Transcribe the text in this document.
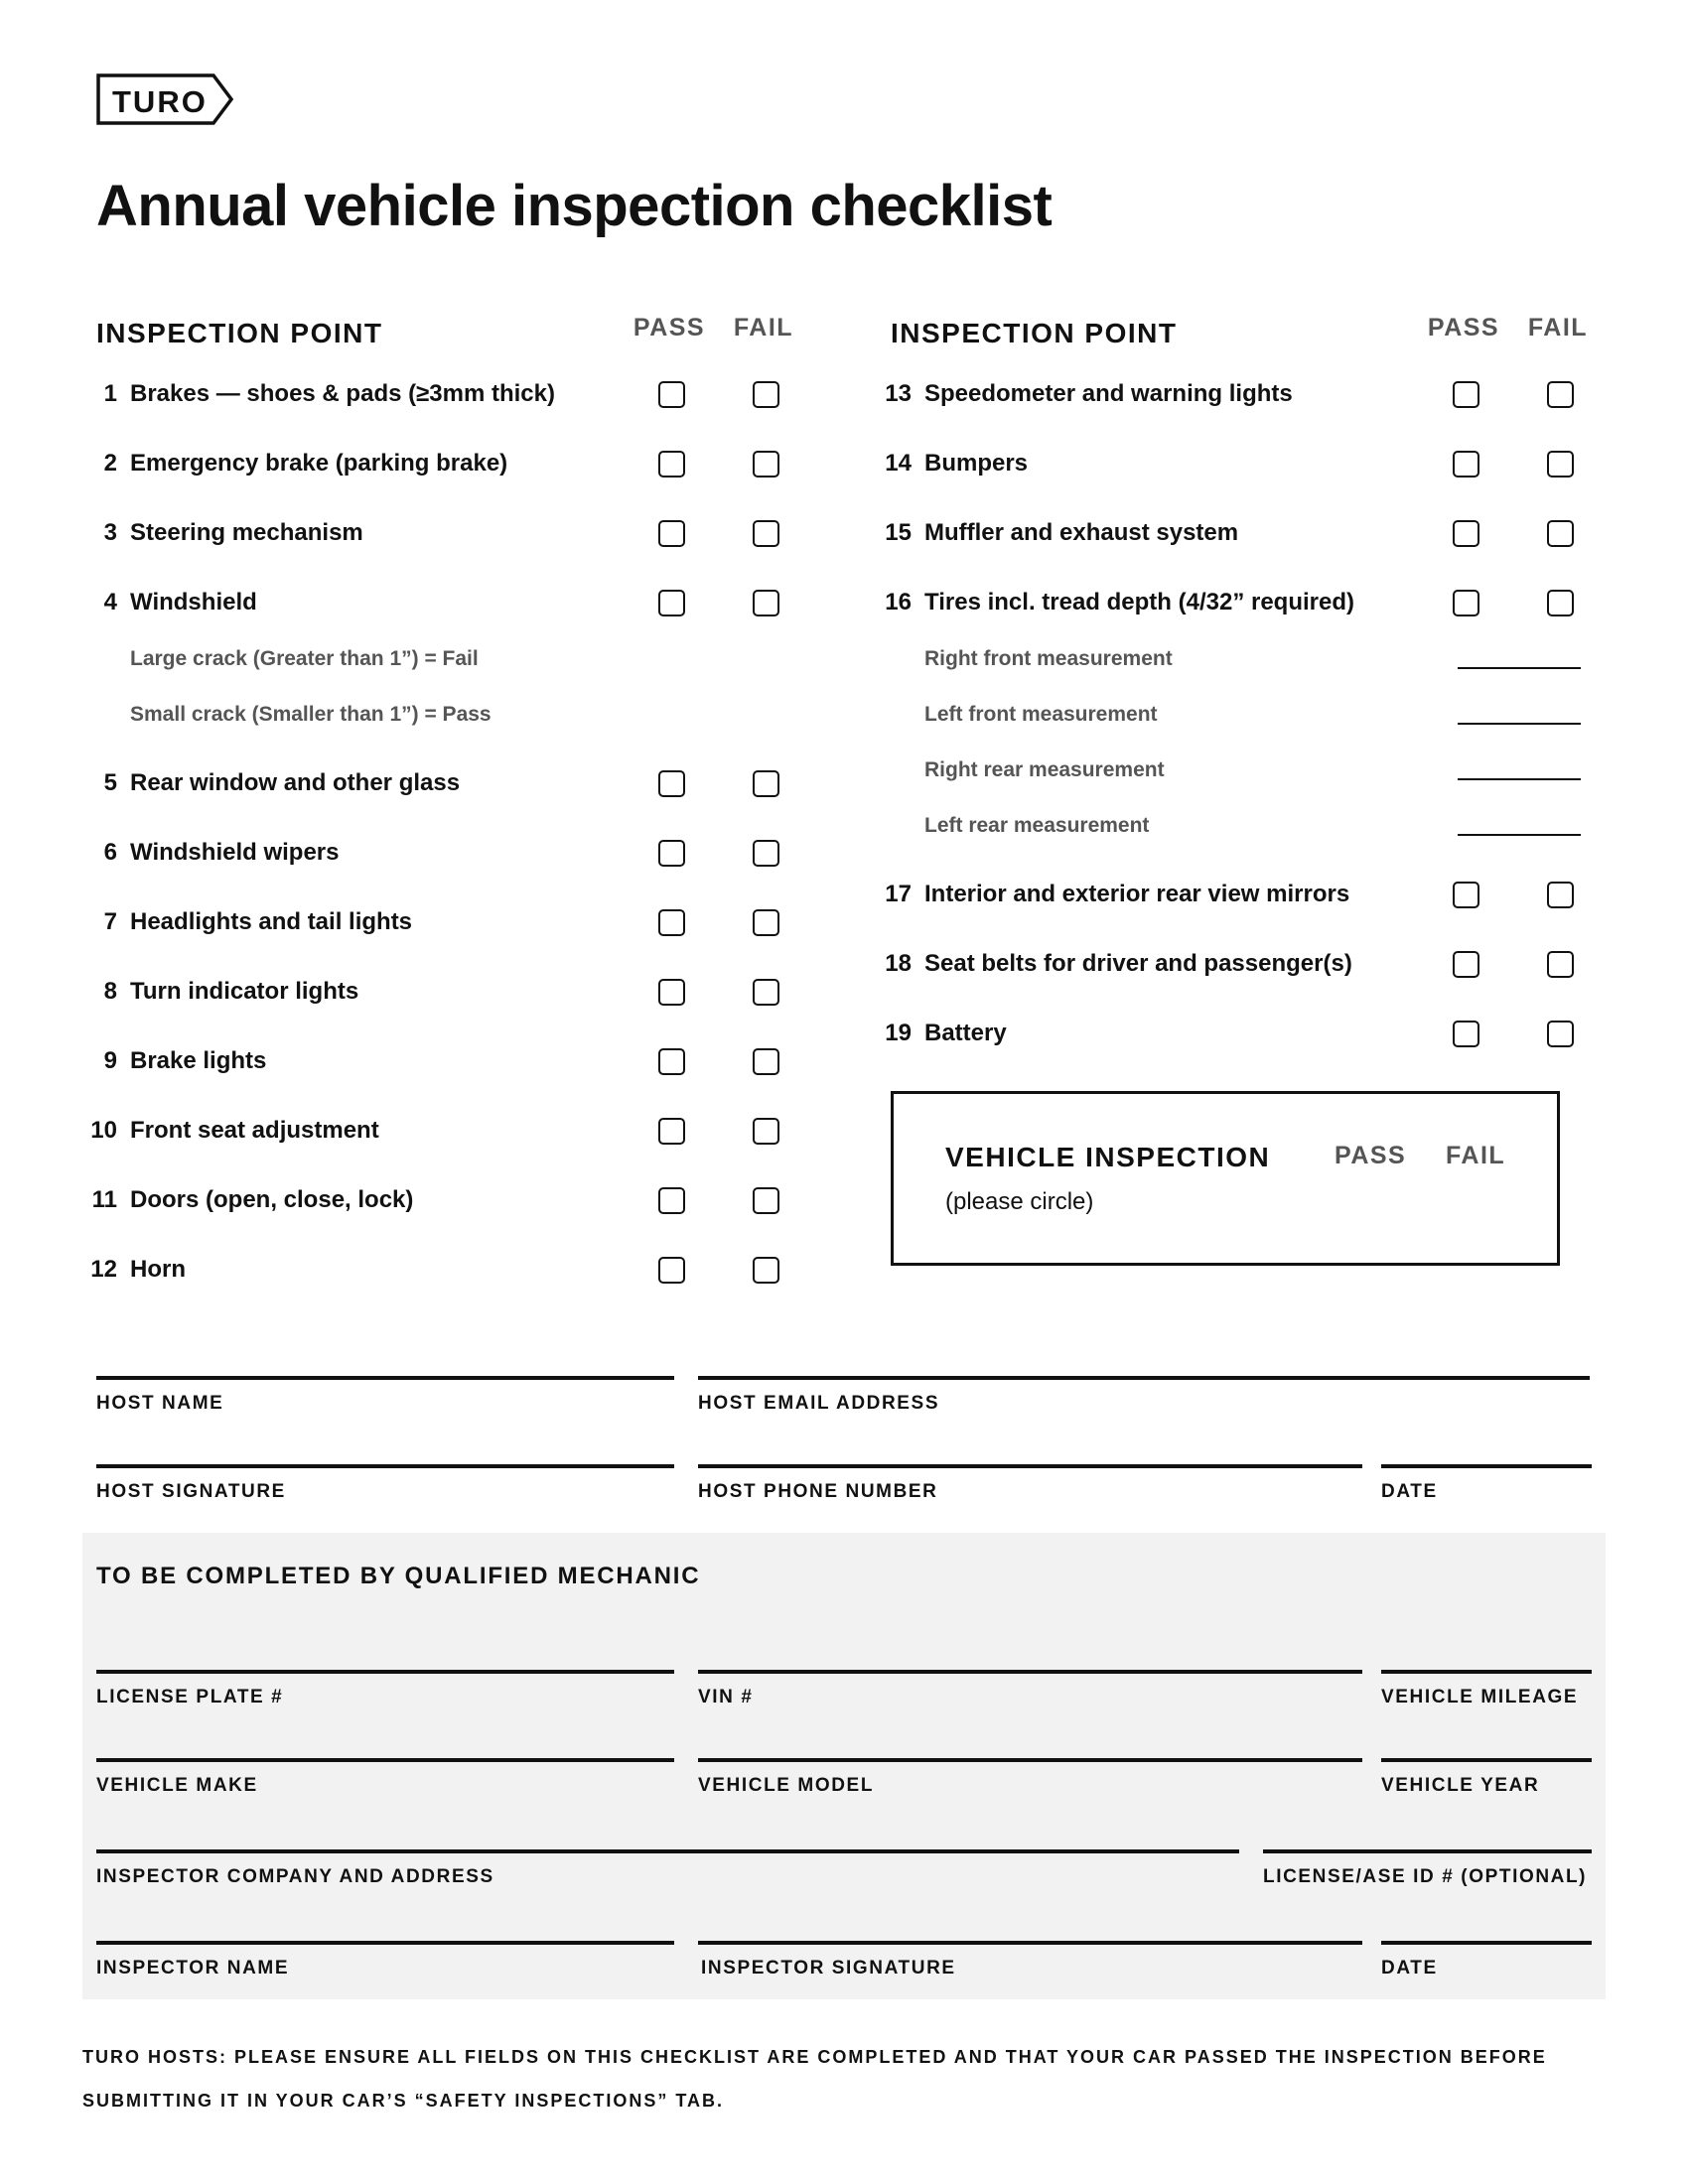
TURO
Annual vehicle inspection checklist
INSPECTION POINT	PASS	FAIL	INSPECTION POINT	PASS	FAIL
1 Brakes — shoes & pads (≥3mm thick)
2 Emergency brake (parking brake)
3 Steering mechanism
4 Windshield
Large crack (Greater than 1”) = Fail
Small crack (Smaller than 1”) = Pass
5 Rear window and other glass
6 Windshield wipers
7 Headlights and tail lights
8 Turn indicator lights
9 Brake lights
10 Front seat adjustment
11 Doors (open, close, lock)
12 Horn
13 Speedometer and warning lights
14 Bumpers
15 Muffler and exhaust system
16 Tires incl. tread depth (4/32” required)
Right front measurement
Left front measurement
Right rear measurement
Left rear measurement
17 Interior and exterior rear view mirrors
18 Seat belts for driver and passenger(s)
19 Battery
VEHICLE INSPECTION	PASS FAIL
(please circle)
HOST NAME	HOST EMAIL ADDRESS
HOST SIGNATURE	HOST PHONE NUMBER	DATE
TO BE COMPLETED BY QUALIFIED MECHANIC
LICENSE PLATE #	VIN #	VEHICLE MILEAGE
VEHICLE MAKE	VEHICLE MODEL	VEHICLE YEAR
INSPECTOR COMPANY AND ADDRESS	LICENSE/ASE ID # (OPTIONAL)
INSPECTOR NAME	INSPECTOR SIGNATURE	DATE
TURO HOSTS: PLEASE ENSURE ALL FIELDS ON THIS CHECKLIST ARE COMPLETED AND THAT YOUR CAR PASSED THE INSPECTION BEFORE SUBMITTING IT IN YOUR CAR’S “SAFETY INSPECTIONS” TAB.
